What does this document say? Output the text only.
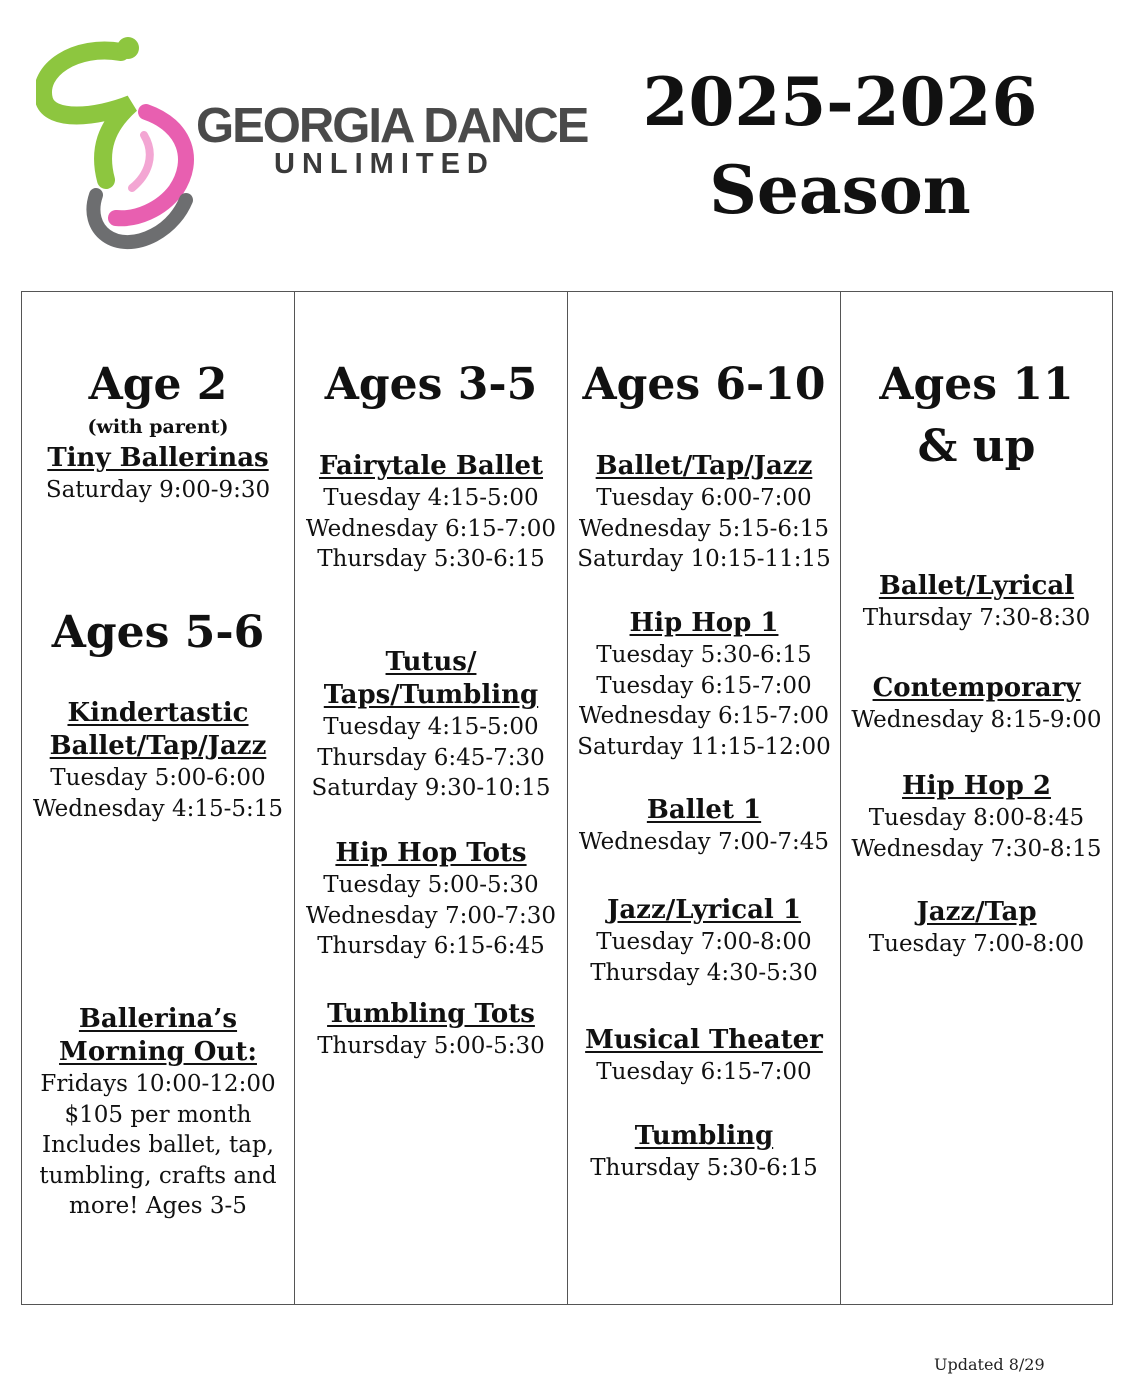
GEORGIA DANCE
UNLIMITED
2025-2026
Season
Age 2
(with parent)
Tiny Ballerinas
Saturday 9:00-9:30
Ages 5-6
Kindertastic
Ballet/Tap/Jazz
Tuesday 5:00-6:00
Wednesday 4:15-5:15
Ballerina’s
Morning Out:
Fridays 10:00-12:00
$105 per month
Includes ballet, tap,
tumbling, crafts and
more! Ages 3-5
Ages 3-5
Fairytale Ballet
Tuesday 4:15-5:00
Wednesday 6:15-7:00
Thursday 5:30-6:15
Tutus/
Taps/Tumbling
Tuesday 4:15-5:00
Thursday 6:45-7:30
Saturday 9:30-10:15
Hip Hop Tots
Tuesday 5:00-5:30
Wednesday 7:00-7:30
Thursday 6:15-6:45
Tumbling Tots
Thursday 5:00-5:30
Ages 6-10
Ballet/Tap/Jazz
Tuesday 6:00-7:00
Wednesday 5:15-6:15
Saturday 10:15-11:15
Hip Hop 1
Tuesday 5:30-6:15
Tuesday 6:15-7:00
Wednesday 6:15-7:00
Saturday 11:15-12:00
Ballet 1
Wednesday 7:00-7:45
Jazz/Lyrical 1
Tuesday 7:00-8:00
Thursday 4:30-5:30
Musical Theater
Tuesday 6:15-7:00
Tumbling
Thursday 5:30-6:15
Ages 11
& up
Ballet/Lyrical
Thursday 7:30-8:30
Contemporary
Wednesday 8:15-9:00
Hip Hop 2
Tuesday 8:00-8:45
Wednesday 7:30-8:15
Jazz/Tap
Tuesday 7:00-8:00
Updated 8/29
